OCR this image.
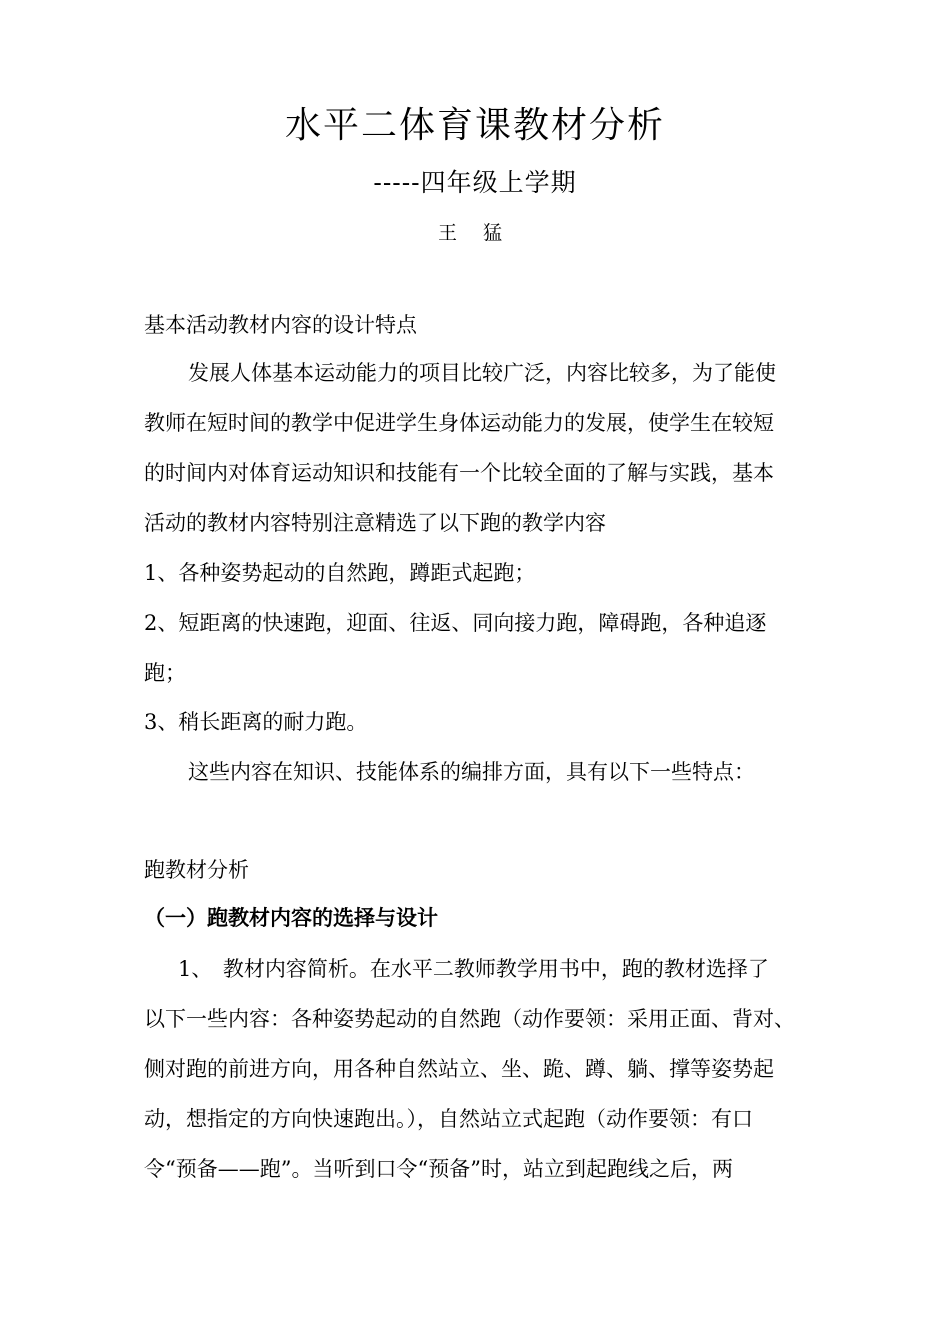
水平二体育课教材分析
-----四年级上学期
王 猛
基本活动教材内容的设计特点
发展人体基本运动能力的项目比较广泛，内容比较多，为了能使
教师在短时间的教学中促进学生身体运动能力的发展，使学生在较短
的时间内对体育运动知识和技能有一个比较全面的了解与实践，基本
活动的教材内容特别注意精选了以下跑的教学内容
1、各种姿势起动的自然跑，蹲距式起跑；
2、短距离的快速跑，迎面、往返、同向接力跑，障碍跑，各种追逐
跑；
3、稍长距离的耐力跑。
这些内容在知识、技能体系的编排方面，具有以下一些特点：
跑教材分析
（一）跑教材内容的选择与设计
1、　教材内容简析。在水平二教师教学用书中，跑的教材选择了
以下一些内容：各种姿势起动的自然跑（动作要领：采用正面、背对、
侧对跑的前进方向，用各种自然站立、坐、跪、蹲、躺、撑等姿势起
动，想指定的方向快速跑出。），自然站立式起跑（动作要领：有口
令“预备——跑”。当听到口令“预备”时，站立到起跑线之后，两
